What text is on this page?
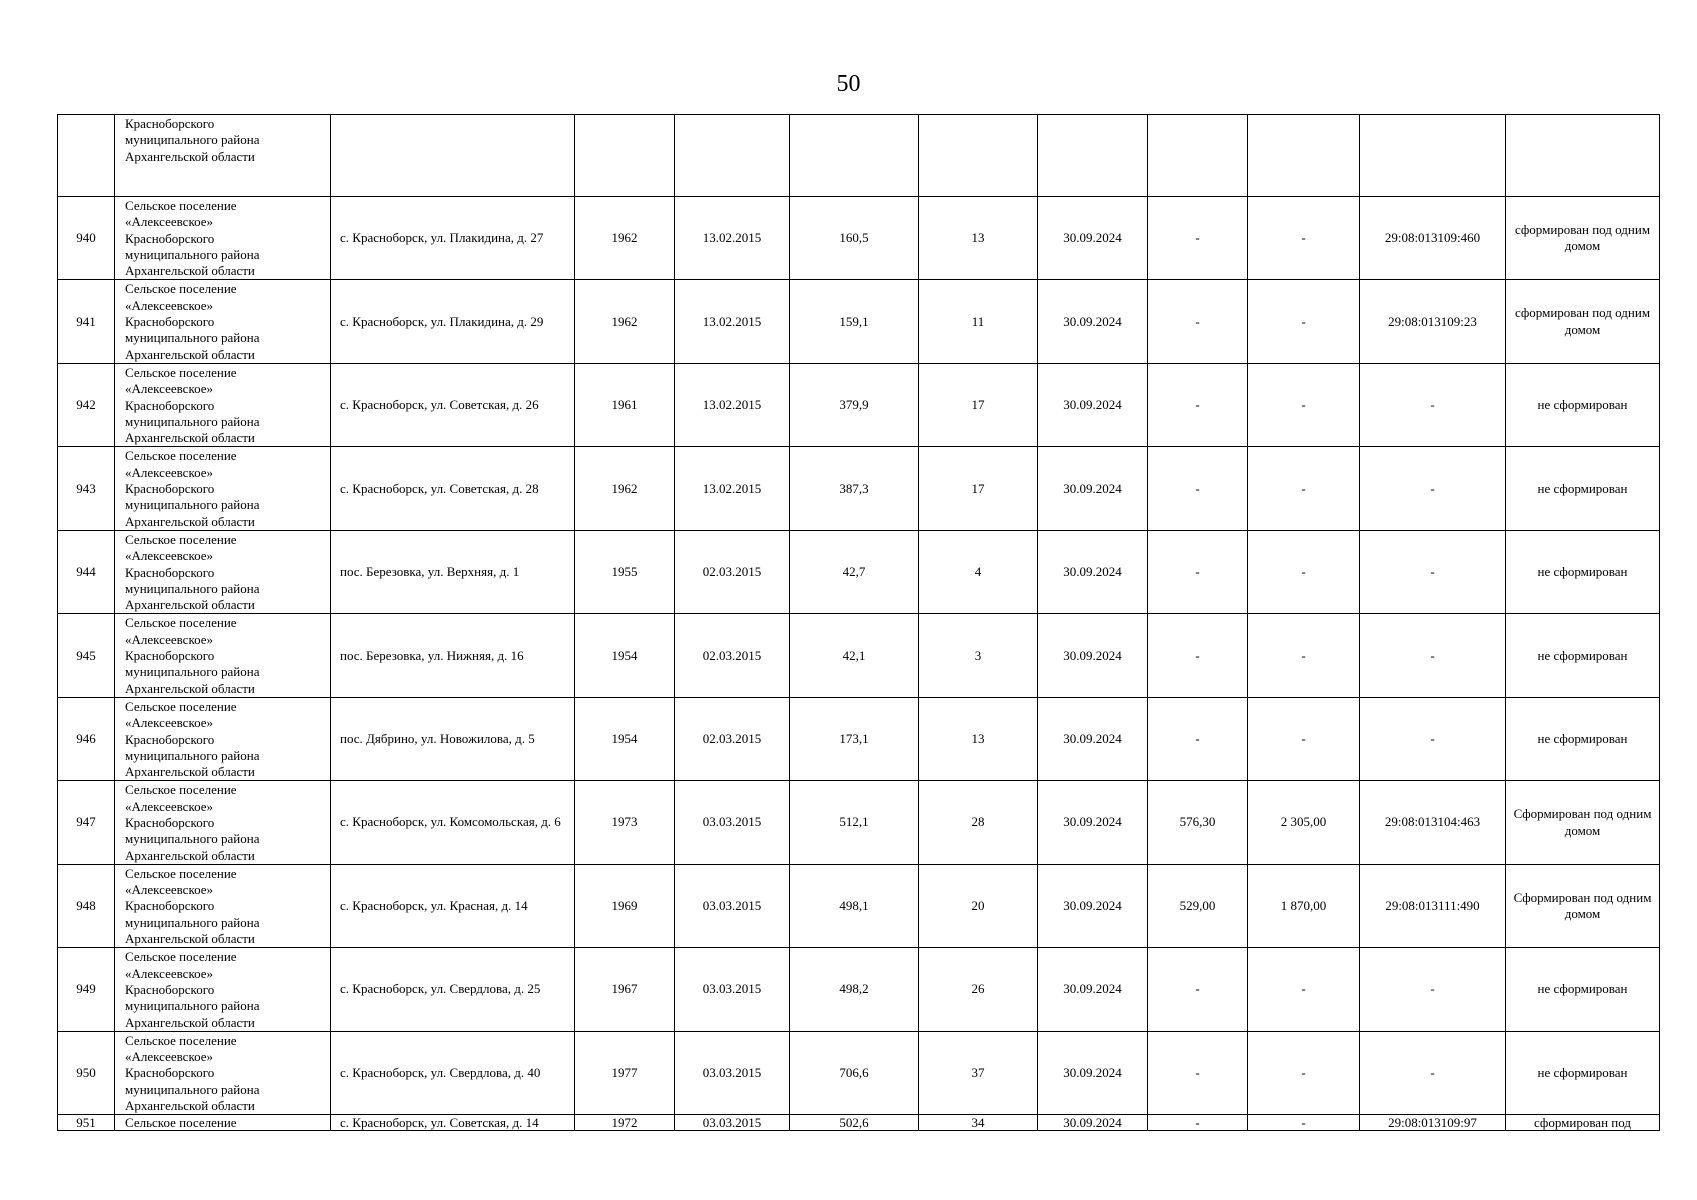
50

	Красноборского
муниципального района
Архангельской области										

940	Сельское поселение
«Алексеевское»
Красноборского
муниципального района
Архангельской области	с. Красноборск, ул. Плакидина, д. 27	1962	13.02.2015	160,5	13	30.09.2024	-	-	29:08:013109:460	сформирован под одним домом
941	Сельское поселение
«Алексеевское»
Красноборского
муниципального района
Архангельской области	с. Красноборск, ул. Плакидина, д. 29	1962	13.02.2015	159,1	11	30.09.2024	-	-	29:08:013109:23	сформирован под одним домом
942	Сельское поселение
«Алексеевское»
Красноборского
муниципального района
Архангельской области	с. Красноборск, ул. Советская, д. 26	1961	13.02.2015	379,9	17	30.09.2024	-	-	-	не сформирован
943	Сельское поселение
«Алексеевское»
Красноборского
муниципального района
Архангельской области	с. Красноборск, ул. Советская, д. 28	1962	13.02.2015	387,3	17	30.09.2024	-	-	-	не сформирован
944	Сельское поселение
«Алексеевское»
Красноборского
муниципального района
Архангельской области	пос. Березовка, ул. Верхняя, д. 1	1955	02.03.2015	42,7	4	30.09.2024	-	-	-	не сформирован
945	Сельское поселение
«Алексеевское»
Красноборского
муниципального района
Архангельской области	пос. Березовка, ул. Нижняя, д. 16	1954	02.03.2015	42,1	3	30.09.2024	-	-	-	не сформирован
946	Сельское поселение
«Алексеевское»
Красноборского
муниципального района
Архангельской области	пос. Дябрино, ул. Новожилова, д. 5	1954	02.03.2015	173,1	13	30.09.2024	-	-	-	не сформирован
947	Сельское поселение
«Алексеевское»
Красноборского
муниципального района
Архангельской области	с. Красноборск, ул. Комсомольская, д. 6	1973	03.03.2015	512,1	28	30.09.2024	576,30	2 305,00	29:08:013104:463	Сформирован под одним домом
948	Сельское поселение
«Алексеевское»
Красноборского
муниципального района
Архангельской области	с. Красноборск, ул. Красная, д. 14	1969	03.03.2015	498,1	20	30.09.2024	529,00	1 870,00	29:08:013111:490	Сформирован под одним домом
949	Сельское поселение
«Алексеевское»
Красноборского
муниципального района
Архангельской области	с. Красноборск, ул. Свердлова, д. 25	1967	03.03.2015	498,2	26	30.09.2024	-	-	-	не сформирован
950	Сельское поселение
«Алексеевское»
Красноборского
муниципального района
Архангельской области	с. Красноборск, ул. Свердлова, д. 40	1977	03.03.2015	706,6	37	30.09.2024	-	-	-	не сформирован
951	Сельское поселение	с. Красноборск, ул. Советская, д. 14	1972	03.03.2015	502,6	34	30.09.2024	-	-	29:08:013109:97	сформирован под
